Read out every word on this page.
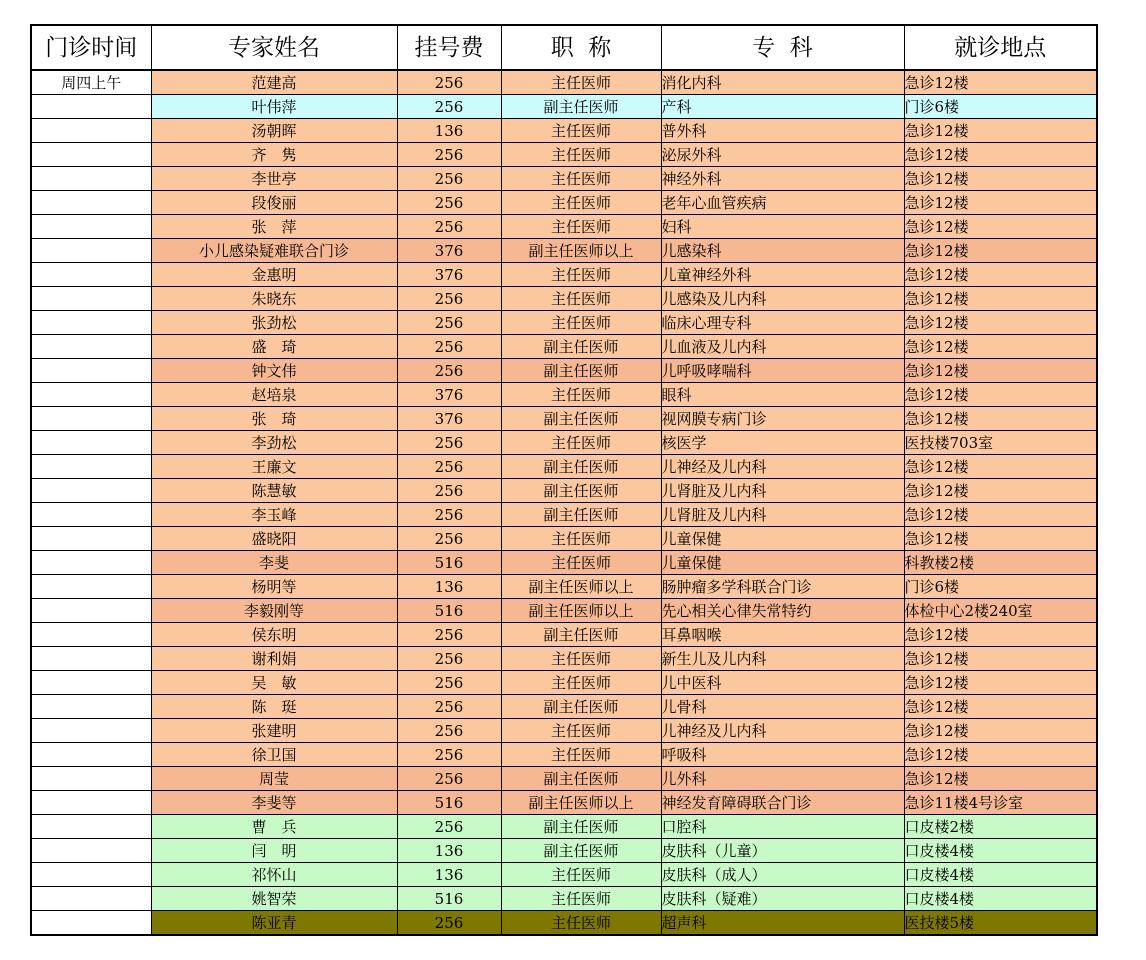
门诊时间	专家姓名	挂号费	职  称	专  科	就诊地点
周四上午	范建高	256	主任医师	消化内科	急诊12楼
	叶伟萍	256	副主任医师	产科	门诊6楼
	汤朝晖	136	主任医师	普外科	急诊12楼
	齐　隽	256	主任医师	泌尿外科	急诊12楼
	李世亭	256	主任医师	神经外科	急诊12楼
	段俊丽	256	主任医师	老年心血管疾病	急诊12楼
	张　萍	256	主任医师	妇科	急诊12楼
	小儿感染疑难联合门诊	376	副主任医师以上	儿感染科	急诊12楼
	金惠明	376	主任医师	儿童神经外科	急诊12楼
	朱晓东	256	主任医师	儿感染及儿内科	急诊12楼
	张劲松	256	主任医师	临床心理专科	急诊12楼
	盛　琦	256	副主任医师	儿血液及儿内科	急诊12楼
	钟文伟	256	副主任医师	儿呼吸哮喘科	急诊12楼
	赵培泉	376	主任医师	眼科	急诊12楼
	张　琦	376	副主任医师	视网膜专病门诊	急诊12楼
	李劲松	256	主任医师	核医学	医技楼703室
	王廉文	256	副主任医师	儿神经及儿内科	急诊12楼
	陈慧敏	256	副主任医师	儿肾脏及儿内科	急诊12楼
	李玉峰	256	副主任医师	儿肾脏及儿内科	急诊12楼
	盛晓阳	256	主任医师	儿童保健	急诊12楼
	李斐	516	主任医师	儿童保健	科教楼2楼
	杨明等	136	副主任医师以上	肠肿瘤多学科联合门诊	门诊6楼
	李毅刚等	516	副主任医师以上	先心相关心律失常特约	体检中心2楼240室
	侯东明	256	副主任医师	耳鼻咽喉	急诊12楼
	谢利娟	256	主任医师	新生儿及儿内科	急诊12楼
	吴　敏	256	主任医师	儿中医科	急诊12楼
	陈　珽	256	副主任医师	儿骨科	急诊12楼
	张建明	256	主任医师	儿神经及儿内科	急诊12楼
	徐卫国	256	主任医师	呼吸科	急诊12楼
	周莹	256	副主任医师	儿外科	急诊12楼
	李斐等	516	副主任医师以上	神经发育障碍联合门诊	急诊11楼4号诊室
	曹　兵	256	副主任医师	口腔科	口皮楼2楼
	闫　明	136	副主任医师	皮肤科（儿童）	口皮楼4楼
	祁怀山	136	主任医师	皮肤科（成人）	口皮楼4楼
	姚智荣	516	主任医师	皮肤科（疑难）	口皮楼4楼
	陈亚青	256	主任医师	超声科	医技楼5楼
